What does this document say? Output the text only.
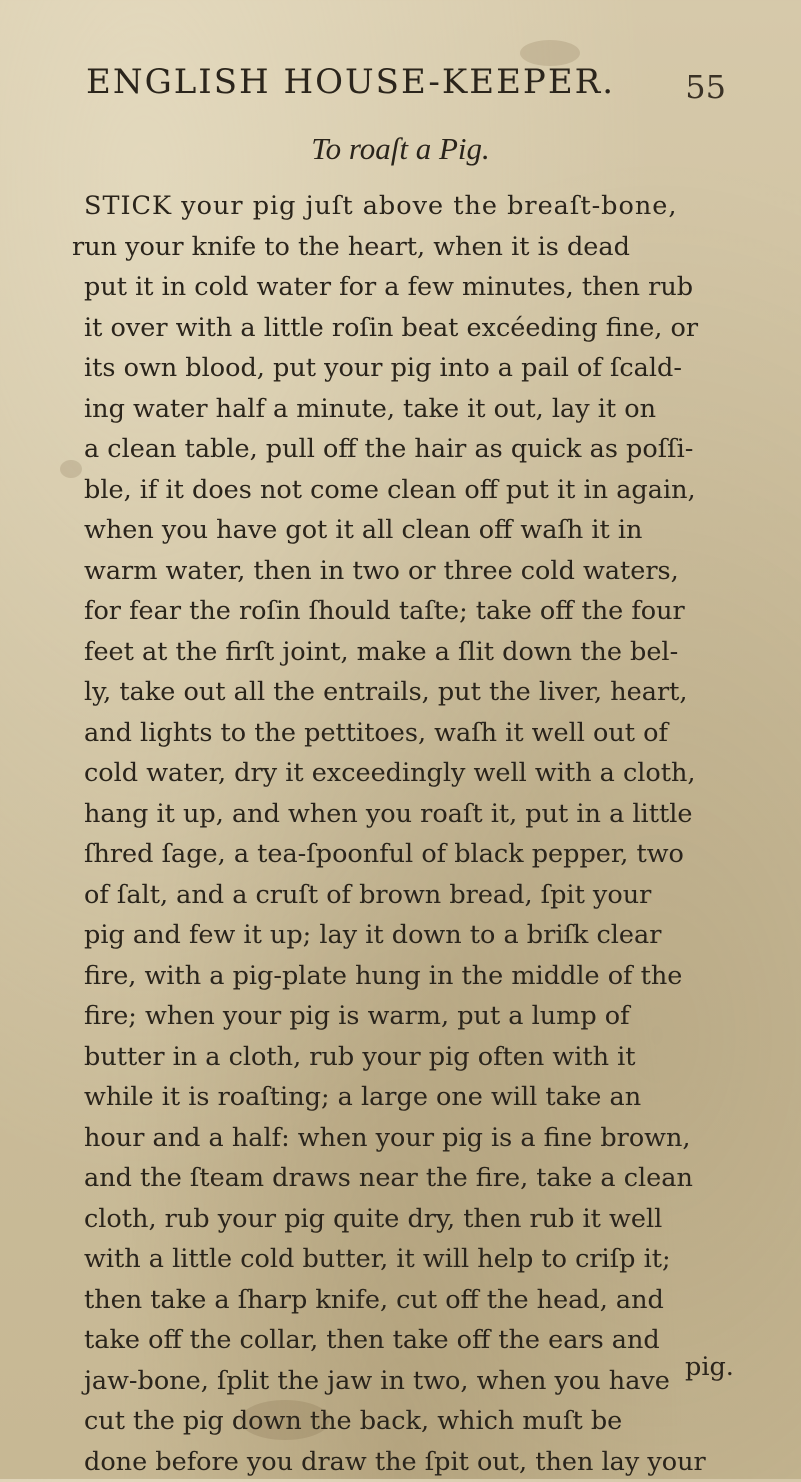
ENGLISH HOUSE-KEEPER. 55
To roaſt a Pig.
STICK your pig juſt above the breaſt-bone,
run your knife to the heart, when it is dead
put it in cold water for a few minutes, then rub
it over with a little roſin beat excéeding fine, or
its own blood, put your pig into a pail of ſcald-
ing water half a minute, take it out, lay it on
a clean table, pull off the hair as quick as poſſi-
ble, if it does not come clean off put it in again,
when you have got it all clean off waſh it in
warm water, then in two or three cold waters,
for fear the roſin ſhould taſte; take off the four
feet at the firſt joint, make a ſlit down the bel-
ly, take out all the entrails, put the liver, heart,
and lights to the pettitoes, waſh it well out of
cold water, dry it exceedingly well with a cloth,
hang it up, and when you roaſt it, put in a little
ſhred ſage, a tea-ſpoonful of black pepper, two
of ſalt, and a cruſt of brown bread, ſpit your
pig and few it up; lay it down to a briſk clear
fire, with a pig-plate hung in the middle of the
fire; when your pig is warm, put a lump of
butter in a cloth, rub your pig often with it
while it is roaſting; a large one will take an
hour and a half: when your pig is a fine brown,
and the ſteam draws near the fire, take a clean
cloth, rub your pig quite dry, then rub it well
with a little cold butter, it will help to criſp it;
then take a ſharp knife, cut off the head, and
take off the collar, then take off the ears and
jaw-bone, ſplit the jaw in two, when you have
cut the pig down the back, which muſt be
done before you draw the ſpit out, then lay your
pig.
